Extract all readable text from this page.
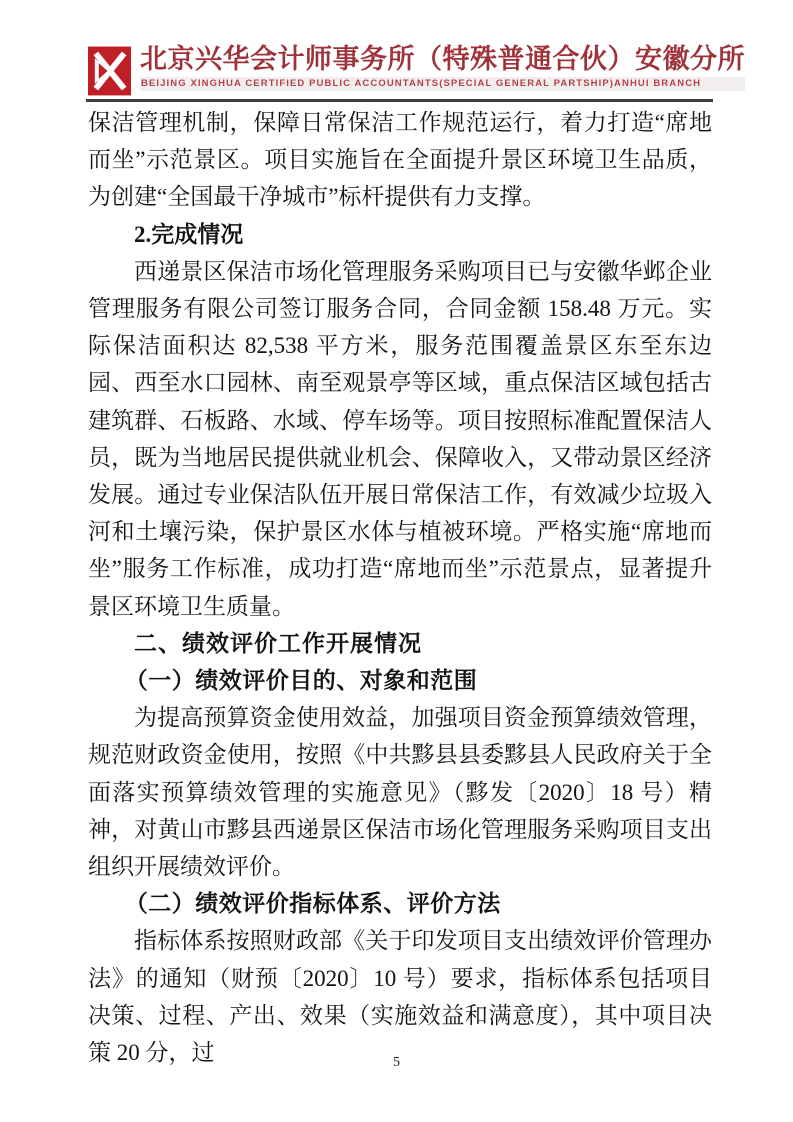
北京兴华会计师事务所（特殊普通合伙）安徽分所
BEIJING XINGHUA CERTIFIED PUBLIC ACCOUNTANTS(SPECIAL GENERAL PARTSHIP)ANHUI BRANCH
保洁管理机制，保障日常保洁工作规范运行，着力打造“席地而坐”示范景区。项目实施旨在全面提升景区环境卫生品质，为创建“全国最干净城市”标杆提供有力支撑。
2.完成情况
西递景区保洁市场化管理服务采购项目已与安徽华邺企业管理服务有限公司签订服务合同，合同金额 158.48 万元。实际保洁面积达 82,538 平方米，服务范围覆盖景区东至东边园、西至水口园林、南至观景亭等区域，重点保洁区域包括古建筑群、石板路、水域、停车场等。项目按照标准配置保洁人员，既为当地居民提供就业机会、保障收入，又带动景区经济发展。通过专业保洁队伍开展日常保洁工作，有效减少垃圾入河和土壤污染，保护景区水体与植被环境。严格实施“席地而坐”服务工作标准，成功打造“席地而坐”示范景点，显著提升景区环境卫生质量。
二、绩效评价工作开展情况
（一）绩效评价目的、对象和范围
为提高预算资金使用效益，加强项目资金预算绩效管理，规范财政资金使用，按照《中共黟县县委黟县人民政府关于全面落实预算绩效管理的实施意见》（黟发〔2020〕18 号）精神，对黄山市黟县西递景区保洁市场化管理服务采购项目支出组织开展绩效评价。
（二）绩效评价指标体系、评价方法
指标体系按照财政部《关于印发项目支出绩效评价管理办法》的通知（财预〔2020〕10 号）要求，指标体系包括项目决策、过程、产出、效果（实施效益和满意度），其中项目决策 20 分，过	5
